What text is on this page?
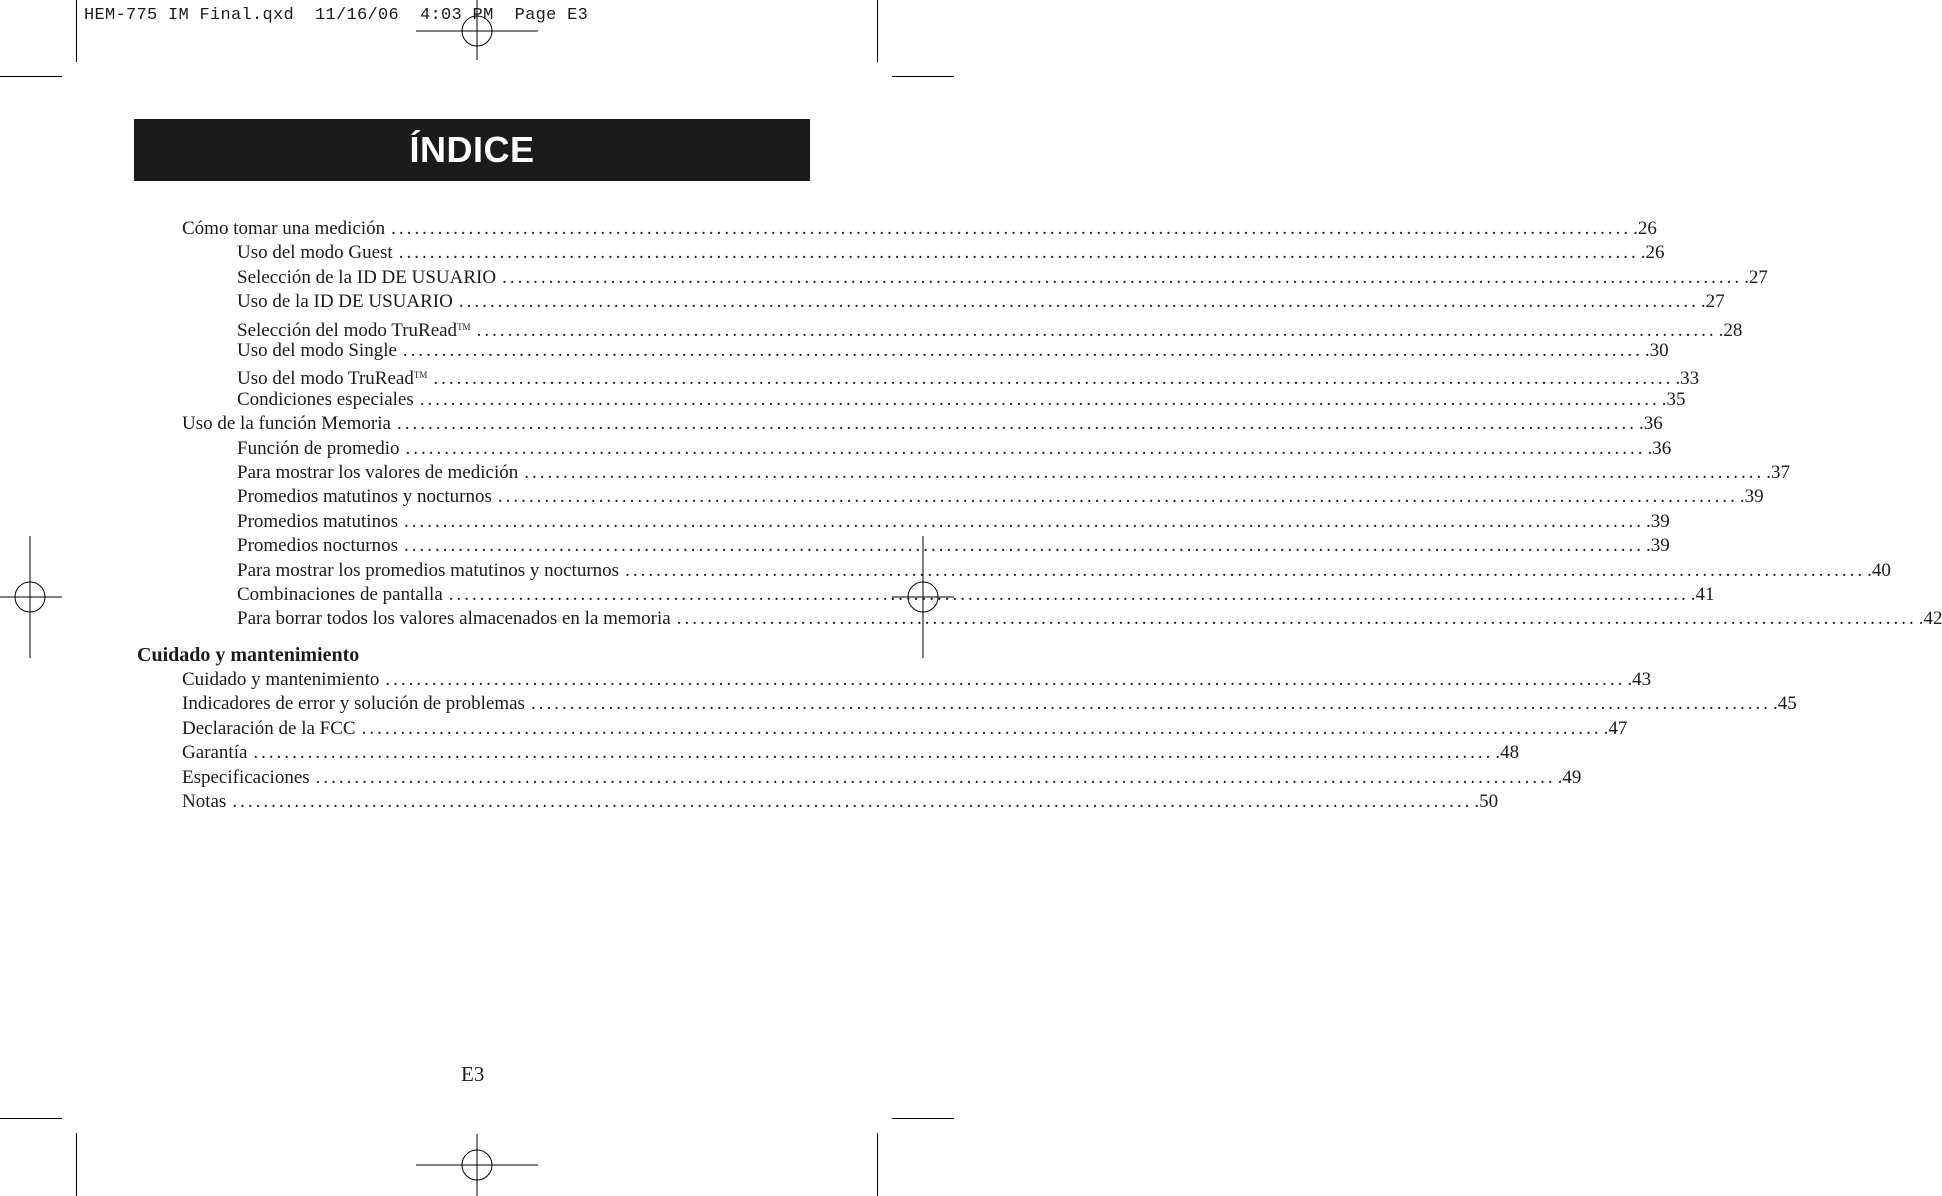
HEM-775 IM Final.qxd  11/16/06  4:03 PM  Page E3
ÍNDICE
Cómo tomar una medición ................................................................................................................................................................ .26
Uso del modo Guest ................................................................................................................................................................ .26
Selección de la ID DE USUARIO ................................................................................................................................................................ .27
Uso de la ID DE USUARIO ................................................................................................................................................................ .27
Selección del modo TruRead™ ................................................................................................................................................................ .28
Uso del modo Single ................................................................................................................................................................ .30
Uso del modo TruRead™ ................................................................................................................................................................ .33
Condiciones especiales ................................................................................................................................................................ .35
Uso de la función Memoria ................................................................................................................................................................ .36
Función de promedio ................................................................................................................................................................ .36
Para mostrar los valores de medición ................................................................................................................................................................ .37
Promedios matutinos y nocturnos ................................................................................................................................................................ .39
Promedios matutinos ................................................................................................................................................................ .39
Promedios nocturnos ................................................................................................................................................................ .39
Para mostrar los promedios matutinos y nocturnos ................................................................................................................................................................ .40
Combinaciones de pantalla ................................................................................................................................................................ .41
Para borrar todos los valores almacenados en la memoria ................................................................................................................................................................ .42
Cuidado y mantenimiento ................................................................................................................................................................ .43
Indicadores de error y solución de problemas ................................................................................................................................................................ .45
Declaración de la FCC ................................................................................................................................................................ .47
Garantía ................................................................................................................................................................ .48
Especificaciones ................................................................................................................................................................ .49
Notas ................................................................................................................................................................ .50
Cuidado y mantenimiento
E3
